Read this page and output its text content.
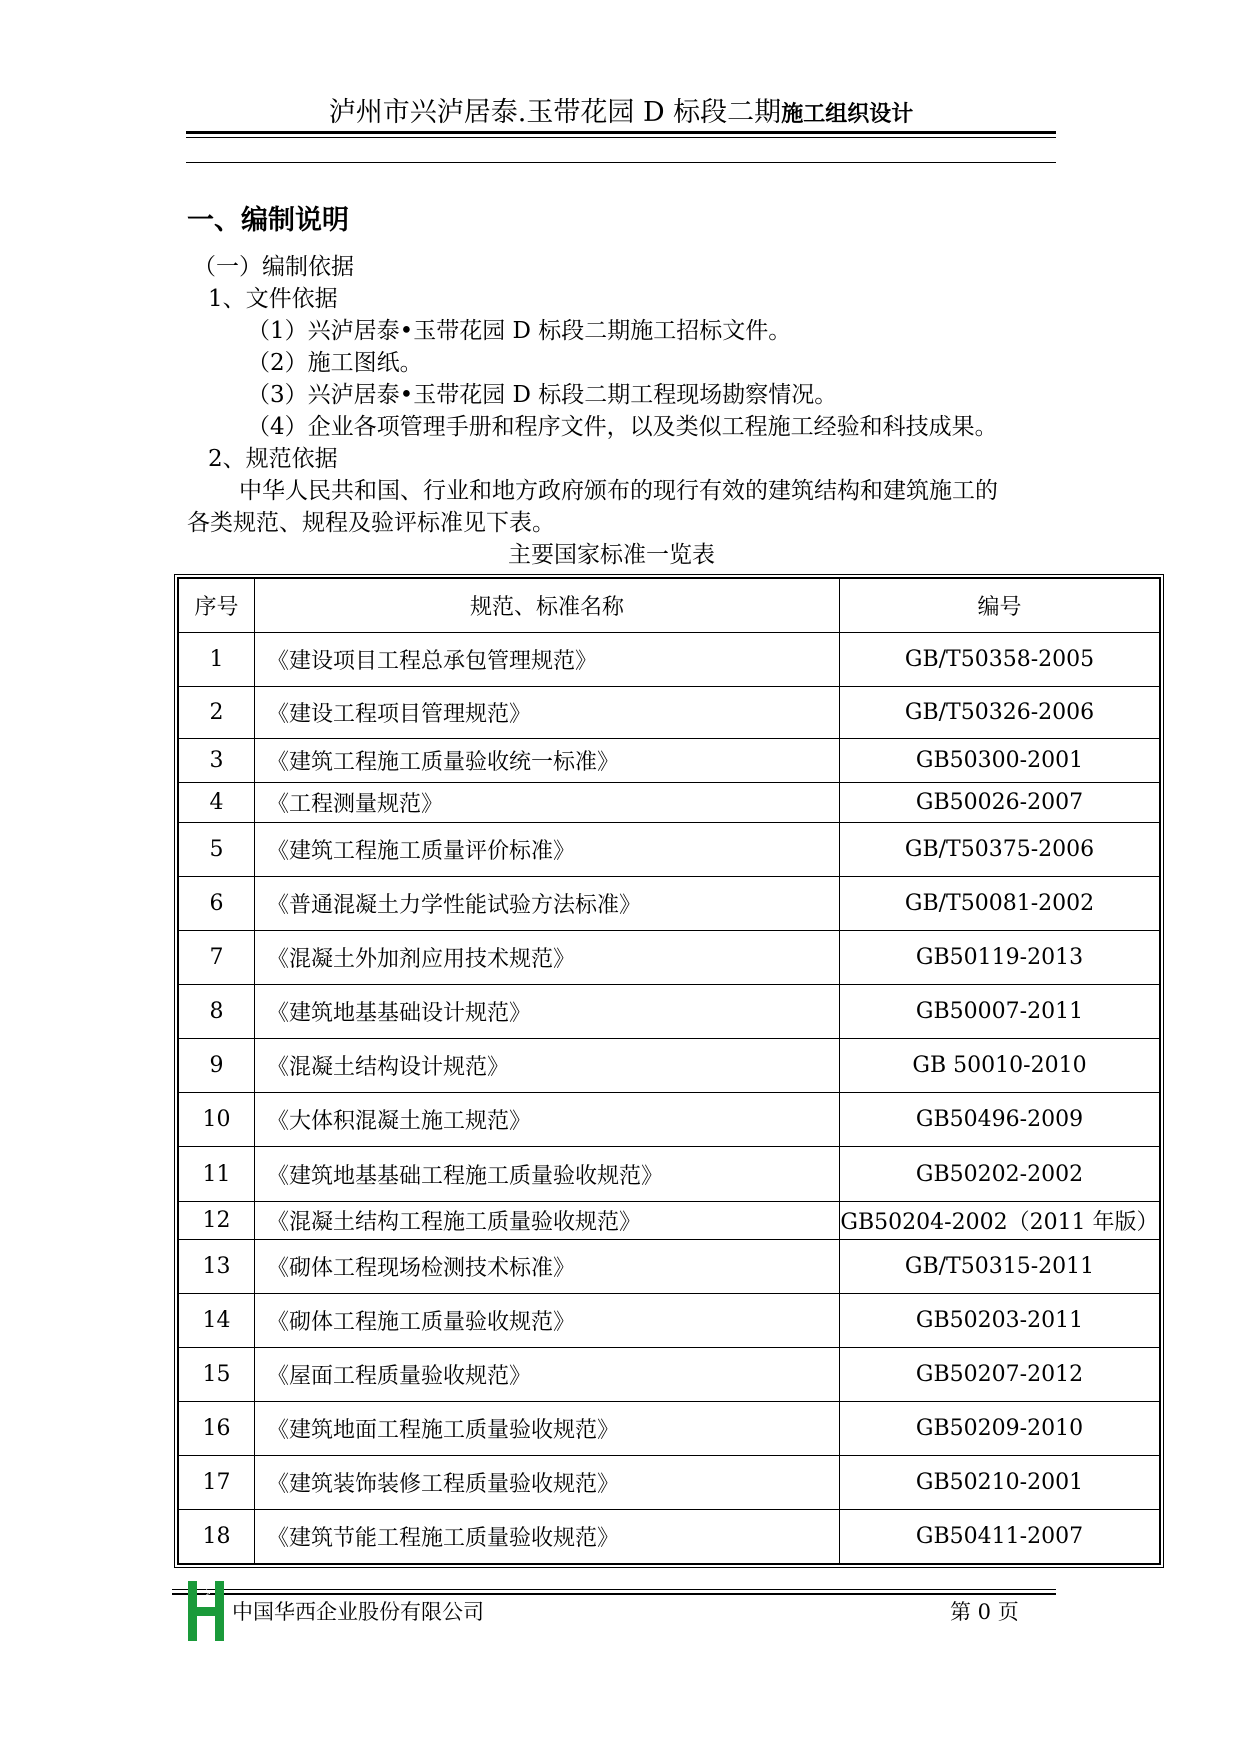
泸州市兴泸居泰.玉带花园 D 标段二期施工组织设计
一、编制说明
（一）编制依据
1、文件依据
（1）兴泸居泰•玉带花园 D 标段二期施工招标文件。
（2）施工图纸。
（3）兴泸居泰•玉带花园 D 标段二期工程现场勘察情况。
（4）企业各项管理手册和程序文件，以及类似工程施工经验和科技成果。
2、规范依据
中华人民共和国、行业和地方政府颁布的现行有效的建筑结构和建筑施工的
各类规范、规程及验评标准见下表。
主要国家标准一览表
序号	规范、标准名称	编号
1	《建设项目工程总承包管理规范》	GB/T50358-2005
2	《建设工程项目管理规范》	GB/T50326-2006
3	《建筑工程施工质量验收统一标准》	GB50300-2001
4	《工程测量规范》	GB50026-2007
5	《建筑工程施工质量评价标准》	GB/T50375-2006
6	《普通混凝土力学性能试验方法标准》	GB/T50081-2002
7	《混凝土外加剂应用技术规范》	GB50119-2013
8	《建筑地基基础设计规范》	GB50007-2011
9	《混凝土结构设计规范》	GB 50010-2010
10	《大体积混凝土施工规范》	GB50496-2009
11	《建筑地基基础工程施工质量验收规范》	GB50202-2002
12	《混凝土结构工程施工质量验收规范》	GB50204-2002（2011 年版）
13	《砌体工程现场检测技术标准》	GB/T50315-2011
14	《砌体工程施工质量验收规范》	GB50203-2011
15	《屋面工程质量验收规范》	GB50207-2012
16	《建筑地面工程施工质量验收规范》	GB50209-2010
17	《建筑装饰装修工程质量验收规范》	GB50210-2001
18	《建筑节能工程施工质量验收规范》	GB50411-2007
HUASHI
中国华西企业股份有限公司	第 0 页
